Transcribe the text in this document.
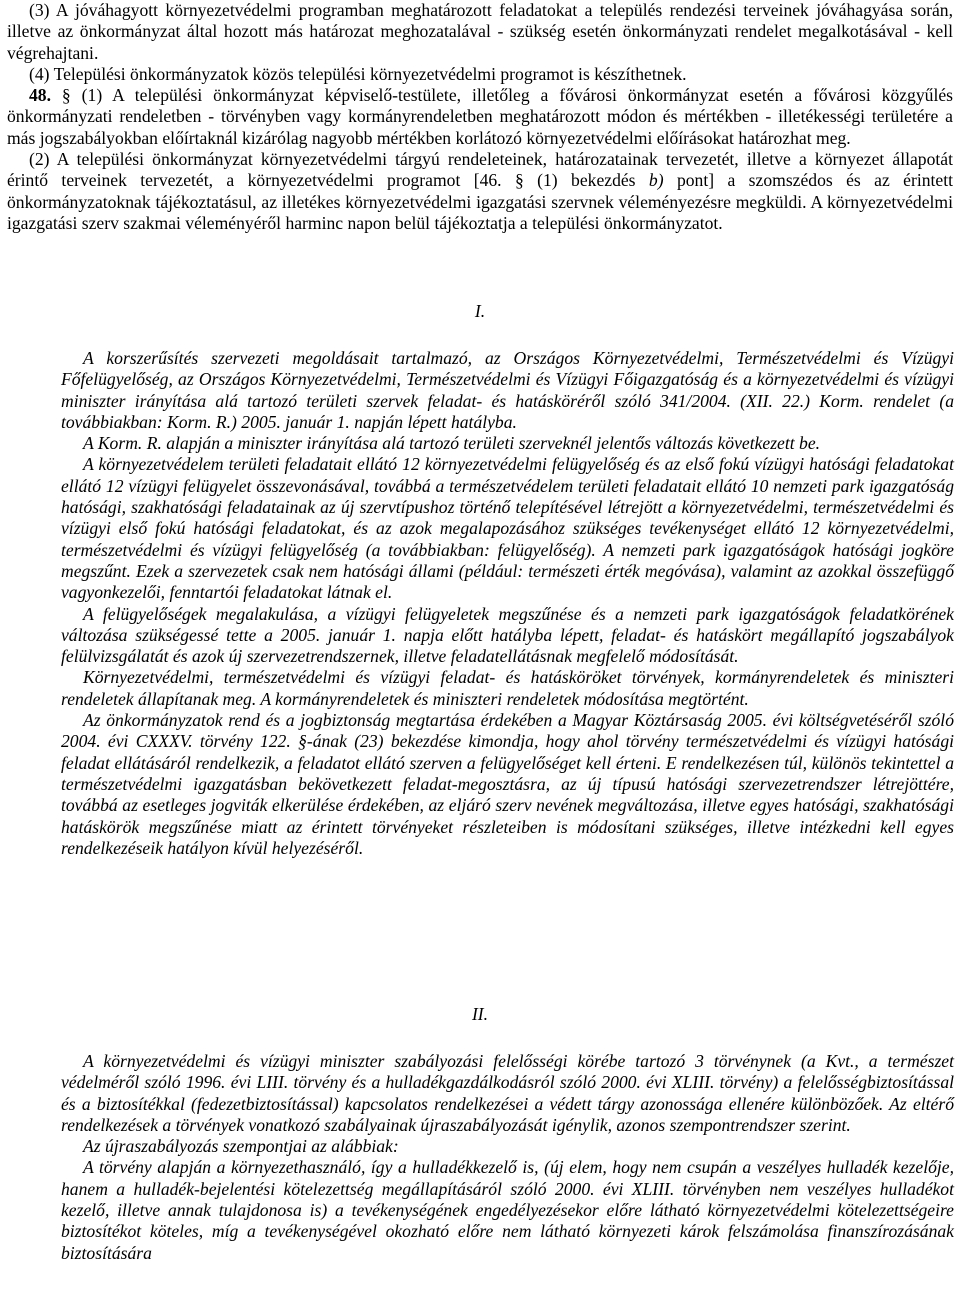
(3) A jóváhagyott környezetvédelmi programban meghatározott feladatokat a település rendezési terveinek jóváhagyása során, illetve az önkormányzat által hozott más határozat meghozatalával - szükség esetén önkormányzati rendelet megalkotásával - kell végrehajtani.

(4) Települési önkormányzatok közös települési környezetvédelmi programot is készíthetnek.

48. § (1) A települési önkormányzat képviselő-testülete, illetőleg a fővárosi önkormányzat esetén a fővárosi közgyűlés önkormányzati rendeletben - törvényben vagy kormányrendeletben meghatározott módon és mértékben - illetékességi területére a más jogszabályokban előírtaknál kizárólag nagyobb mértékben korlátozó környezetvédelmi előírásokat határozhat meg.

(2) A települési önkormányzat környezetvédelmi tárgyú rendeleteinek, határozatainak tervezetét, illetve a környezet állapotát érintő terveinek tervezetét, a környezetvédelmi programot [46. § (1) bekezdés b) pont] a szomszédos és az érintett önkormányzatoknak tájékoztatásul, az illetékes környezetvédelmi igazgatási szervnek véleményezésre megküldi. A környezetvédelmi igazgatási szerv szakmai véleményéről harminc napon belül tájékoztatja a települési önkormányzatot.

I.

A korszerűsítés szervezeti megoldásait tartalmazó, az Országos Környezetvédelmi, Természetvédelmi és Vízügyi Főfelügyelőség, az Országos Környezetvédelmi, Természetvédelmi és Vízügyi Főigazgatóság és a környezetvédelmi és vízügyi miniszter irányítása alá tartozó területi szervek feladat- és hatásköréről szóló 341/2004. (XII. 22.) Korm. rendelet (a továbbiakban: Korm. R.) 2005. január 1. napján lépett hatályba.

A Korm. R. alapján a miniszter irányítása alá tartozó területi szerveknél jelentős változás következett be.

A környezetvédelem területi feladatait ellátó 12 környezetvédelmi felügyelőség és az első fokú vízügyi hatósági feladatokat ellátó 12 vízügyi felügyelet összevonásával, továbbá a természetvédelem területi feladatait ellátó 10 nemzeti park igazgatóság hatósági, szakhatósági feladatainak az új szervtípushoz történő telepítésével létrejött a környezetvédelmi, természetvédelmi és vízügyi első fokú hatósági feladatokat, és az azok megalapozásához szükséges tevékenységet ellátó 12 környezetvédelmi, természetvédelmi és vízügyi felügyelőség (a továbbiakban: felügyelőség). A nemzeti park igazgatóságok hatósági jogköre megszűnt. Ezek a szervezetek csak nem hatósági állami (például: természeti érték megóvása), valamint az azokkal összefüggő vagyonkezelői, fenntartói feladatokat látnak el.

A felügyelőségek megalakulása, a vízügyi felügyeletek megszűnése és a nemzeti park igazgatóságok feladatkörének változása szükségessé tette a 2005. január 1. napja előtt hatályba lépett, feladat- és hatáskört megállapító jogszabályok felülvizsgálatát és azok új szervezetrendszernek, illetve feladatellátásnak megfelelő módosítását.

Környezetvédelmi, természetvédelmi és vízügyi feladat- és hatásköröket törvények, kormányrendeletek és miniszteri rendeletek állapítanak meg. A kormányrendeletek és miniszteri rendeletek módosítása megtörtént.

Az önkormányzatok rend és a jogbiztonság megtartása érdekében a Magyar Köztársaság 2005. évi költségvetéséről szóló 2004. évi CXXXV. törvény 122. §-ának (23) bekezdése kimondja, hogy ahol törvény természetvédelmi és vízügyi hatósági feladat ellátásáról rendelkezik, a feladatot ellátó szerven a felügyelőséget kell érteni. E rendelkezésen túl, különös tekintettel a természetvédelmi igazgatásban bekövetkezett feladat-megosztásra, az új típusú hatósági szervezetrendszer létrejöttére, továbbá az esetleges jogviták elkerülése érdekében, az eljáró szerv nevének megváltozása, illetve egyes hatósági, szakhatósági hatáskörök megszűnése miatt az érintett törvényeket részleteiben is módosítani szükséges, illetve intézkedni kell egyes rendelkezéseik hatályon kívül helyezéséről.

II.

A környezetvédelmi és vízügyi miniszter szabályozási felelősségi körébe tartozó 3 törvénynek (a Kvt., a természet védelméről szóló 1996. évi LIII. törvény és a hulladékgazdálkodásról szóló 2000. évi XLIII. törvény) a felelősségbiztosítással és a biztosítékkal (fedezetbiztosítással) kapcsolatos rendelkezései a védett tárgy azonossága ellenére különbözőek. Az eltérő rendelkezések a törvények vonatkozó szabályainak újraszabályozását igénylik, azonos szempontrendszer szerint.

Az újraszabályozás szempontjai az alábbiak:

A törvény alapján a környezethasználó, így a hulladékkezelő is, (új elem, hogy nem csupán a veszélyes hulladék kezelője, hanem a hulladék-bejelentési kötelezettség megállapításáról szóló 2000. évi XLIII. törvényben nem veszélyes hulladékot kezelő, illetve annak tulajdonosa is) a tevékenységének engedélyezésekor előre látható környezetvédelmi kötelezettségeire biztosítékot köteles, míg a tevékenységével okozható előre nem látható környezeti károk felszámolása finanszírozásának biztosítására
